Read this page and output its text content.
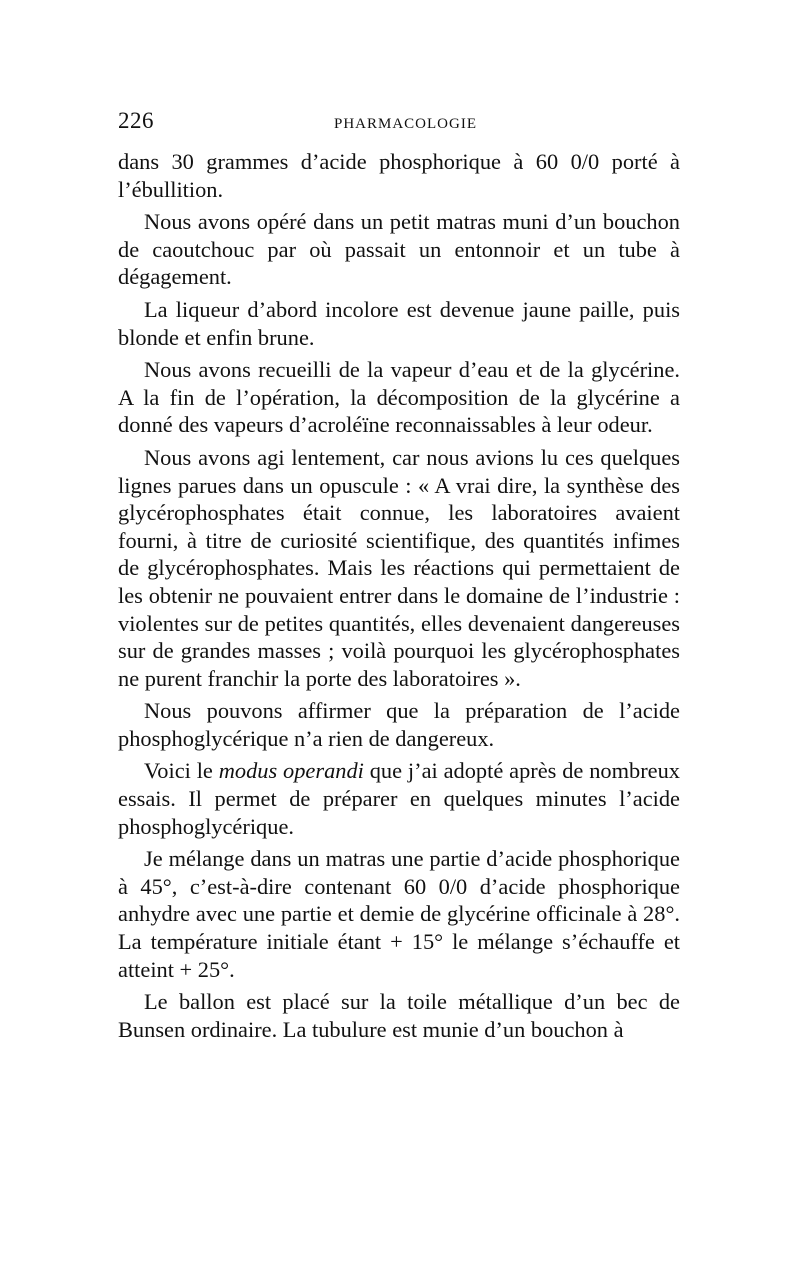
226	PHARMACOLOGIE

dans 30 grammes d’acide phosphorique à 60 0/0 porté à l’ébullition.

Nous avons opéré dans un petit matras muni d’un bouchon de caoutchouc par où passait un entonnoir et un tube à dégagement.

La liqueur d’abord incolore est devenue jaune paille, puis blonde et enfin brune.

Nous avons recueilli de la vapeur d’eau et de la glycérine. A la fin de l’opération, la décomposition de la glycérine a donné des vapeurs d’acroléïne reconnaissables à leur odeur.

Nous avons agi lentement, car nous avions lu ces quelques lignes parues dans un opuscule : « A vrai dire, la synthèse des glycérophosphates était connue, les laboratoires avaient fourni, à titre de curiosité scientifique, des quantités infimes de glycérophosphates. Mais les réactions qui permettaient de les obtenir ne pouvaient entrer dans le domaine de l’industrie : violentes sur de petites quantités, elles devenaient dangereuses sur de grandes masses ; voilà pourquoi les glycérophosphates ne purent franchir la porte des laboratoires ».

Nous pouvons affirmer que la préparation de l’acide phosphoglycérique n’a rien de dangereux.

Voici le modus operandi que j’ai adopté après de nombreux essais. Il permet de préparer en quelques minutes l’acide phosphoglycérique.

Je mélange dans un matras une partie d’acide phosphorique à 45°, c’est-à-dire contenant 60 0/0 d’acide phosphorique anhydre avec une partie et demie de glycérine officinale à 28°. La température initiale étant + 15° le mélange s’échauffe et atteint + 25°.

Le ballon est placé sur la toile métallique d’un bec de Bunsen ordinaire. La tubulure est munie d’un bouchon à
